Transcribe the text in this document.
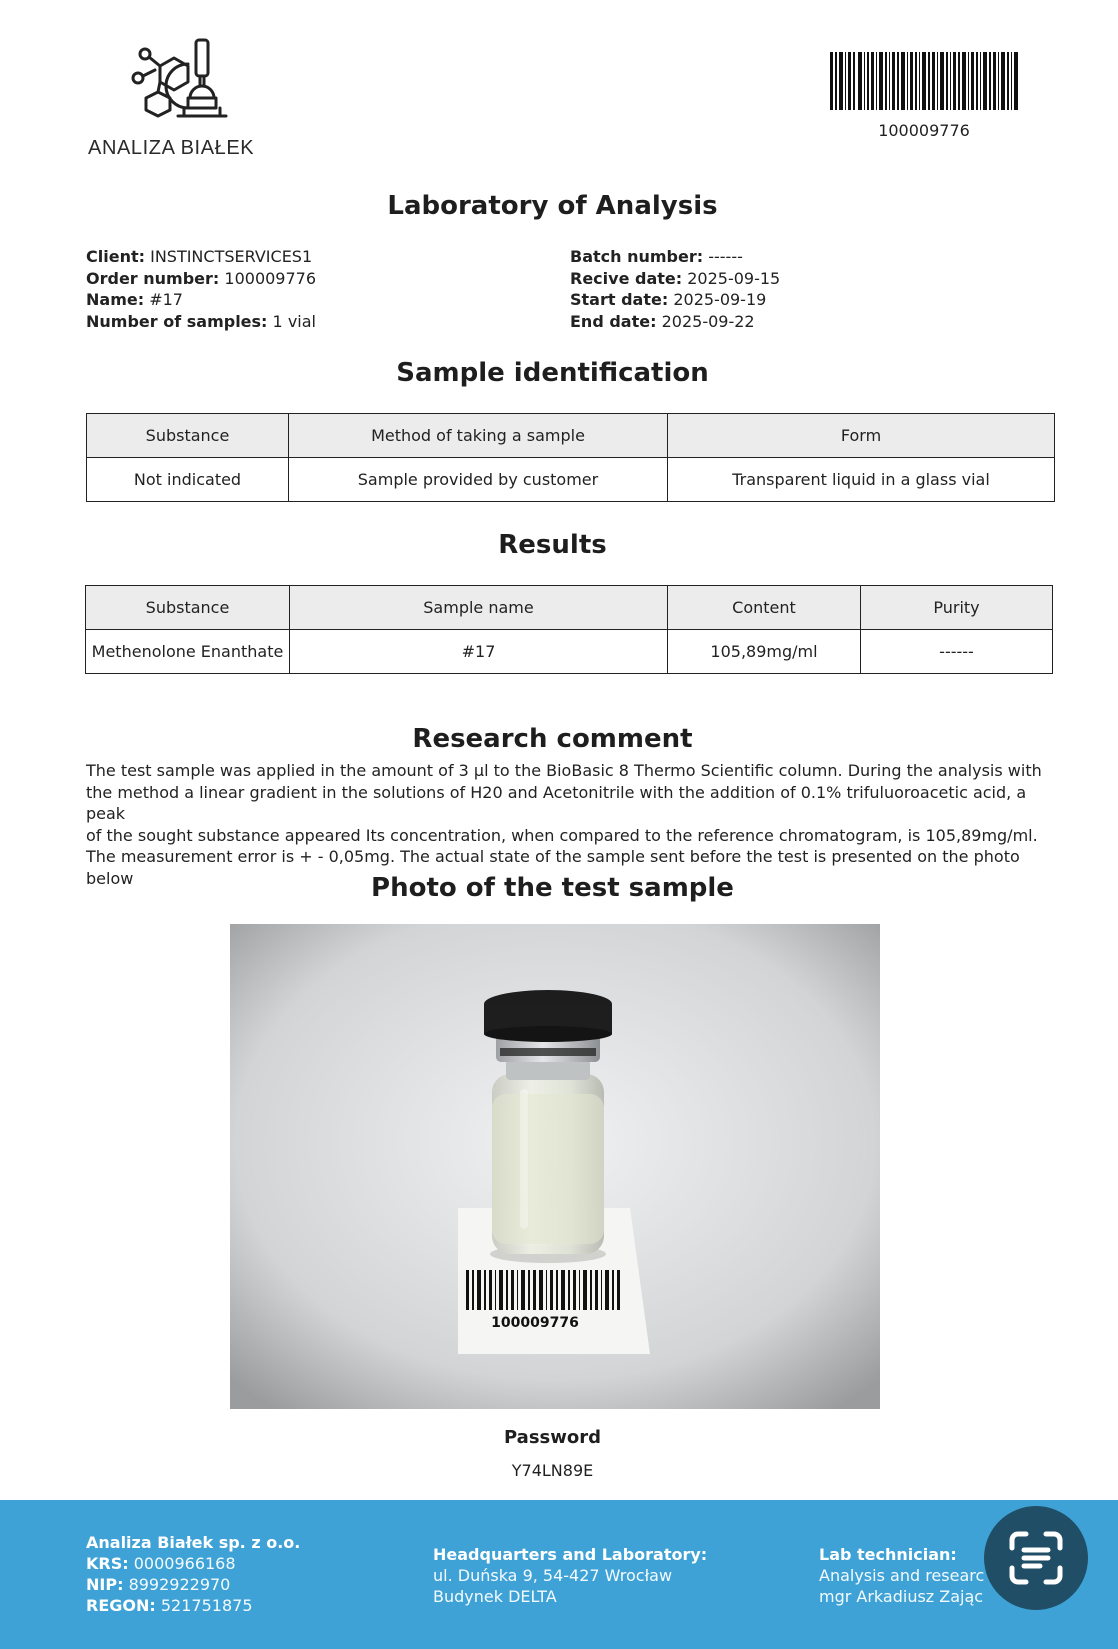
ANALIZA BIAŁEK
100009776
Laboratory of Analysis
Client: INSTINCTSERVICES1
Order number: 100009776
Name: #17
Number of samples: 1 vial
Batch number: ------
Recive date: 2025-09-15
Start date: 2025-09-19
End date: 2025-09-22
Sample identification
Substance	Method of taking a sample	Form
Not indicated	Sample provided by customer	Transparent liquid in a glass vial
Results
Substance	Sample name	Content	Purity
Methenolone Enanthate	#17	105,89mg/ml	------
Research comment
The test sample was applied in the amount of 3 µl to the BioBasic 8 Thermo Scientific column. During the analysis with
the method a linear gradient in the solutions of H20 and Acetonitrile with the addition of 0.1% trifuluoroacetic acid, a peak
of the sought substance appeared Its concentration, when compared to the reference chromatogram, is 105,89mg/ml.
The measurement error is + - 0,05mg. The actual state of the sample sent before the test is presented on the photo below	Photo of the test sample
100009776
Password
Y74LN89E
Analiza Białek sp. z o.o.
KRS: 0000966168
NIP: 8992922970
REGON: 521751875
Headquarters and Laboratory:
ul. Duńska 9, 54-427 Wrocław
Budynek DELTA
Lab technician:
Analysis and researc
mgr Arkadiusz Zając
